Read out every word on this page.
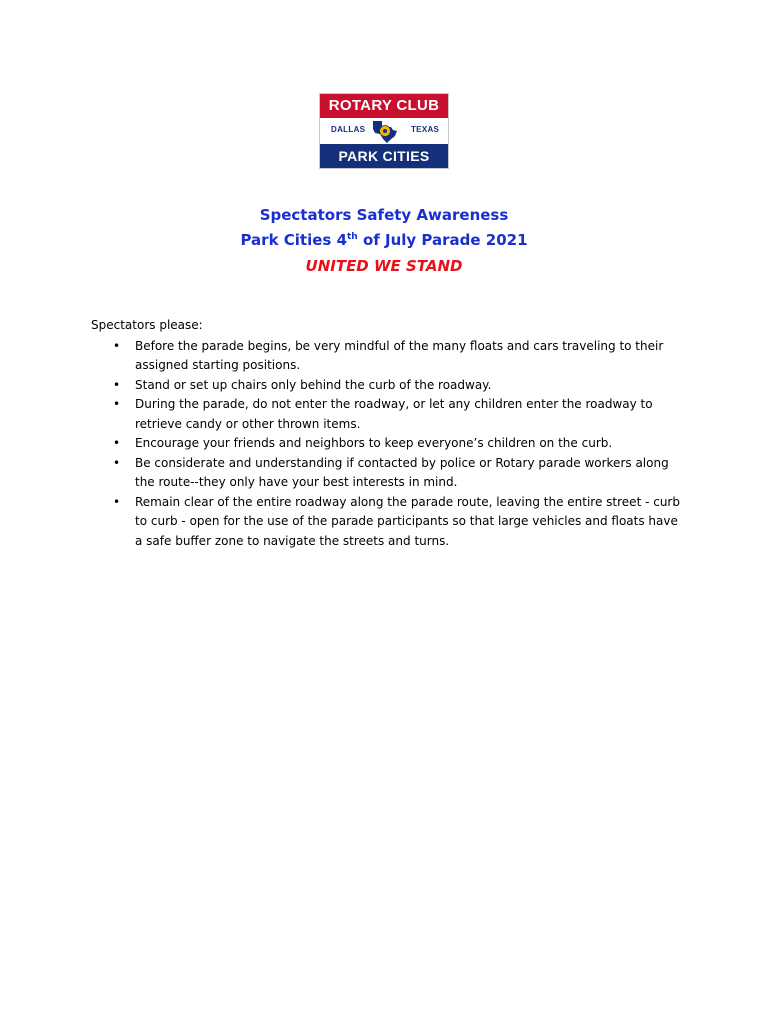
ROTARY CLUB
DALLAS	TEXAS
PARK CITIES
Spectators Safety Awareness
Park Cities 4th of July Parade 2021
UNITED WE STAND
Spectators please:
• Before the parade begins, be very mindful of the many floats and cars traveling to their assigned starting positions.
• Stand or set up chairs only behind the curb of the roadway.
• During the parade, do not enter the roadway, or let any children enter the roadway to retrieve candy or other thrown items.
• Encourage your friends and neighbors to keep everyone’s children on the curb.
• Be considerate and understanding if contacted by police or Rotary parade workers along the route--they only have your best interests in mind.
• Remain clear of the entire roadway along the parade route, leaving the entire street - curb to curb - open for the use of the parade participants so that large vehicles and floats have a safe buffer zone to navigate the streets and turns.
